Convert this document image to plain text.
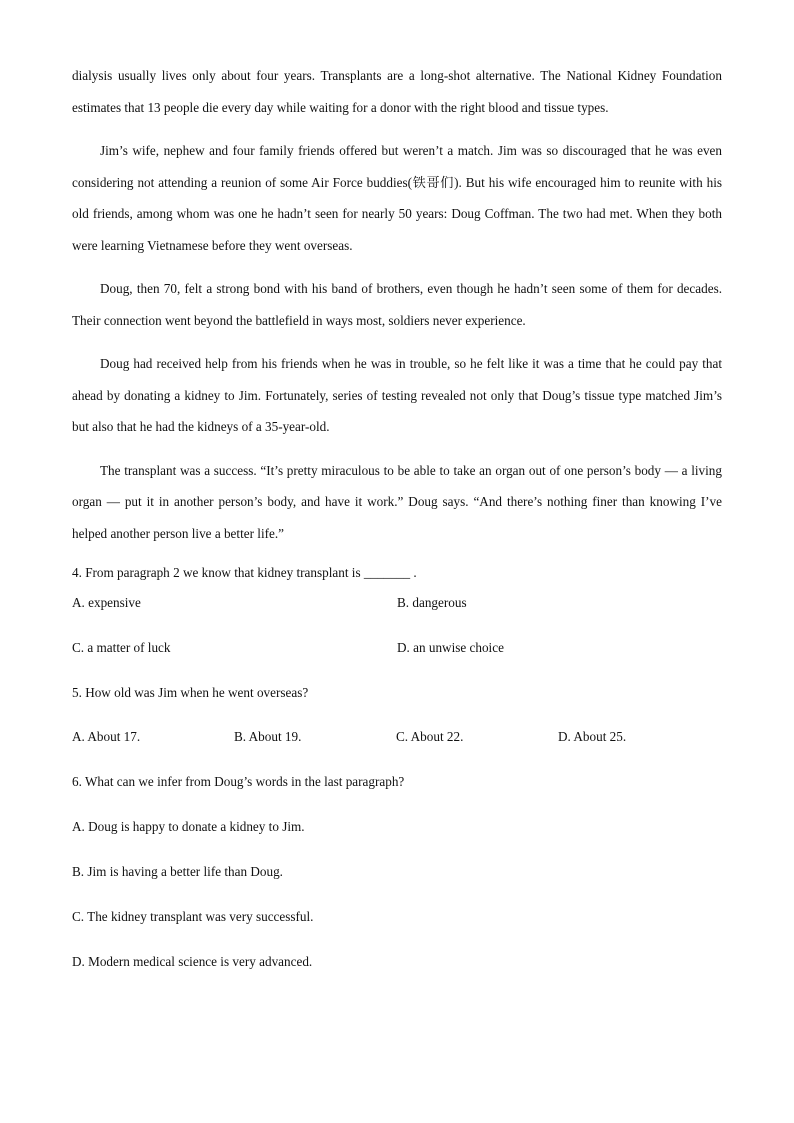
dialysis usually lives only about four years. Transplants are a long-shot alternative. The National Kidney Foundation estimates that 13 people die every day while waiting for a donor with the right blood and tissue types.

Jim’s wife, nephew and four family friends offered but weren’t a match. Jim was so discouraged that he was even considering not attending a reunion of some Air Force buddies(铁哥们). But his wife encouraged him to reunite with his old friends, among whom was one he hadn’t seen for nearly 50 years: Doug Coffman. The two had met. When they both were learning Vietnamese before they went overseas.

Doug, then 70, felt a strong bond with his band of brothers, even though he hadn’t seen some of them for decades. Their connection went beyond the battlefield in ways most, soldiers never experience.

Doug had received help from his friends when he was in trouble, so he felt like it was a time that he could pay that ahead by donating a kidney to Jim. Fortunately, series of testing revealed not only that Doug’s tissue type matched Jim’s but also that he had the kidneys of a 35-year-old.

The transplant was a success. “It’s pretty miraculous to be able to take an organ out of one person’s body — a living organ — put it in another person’s body, and have it work.” Doug says. “And there’s nothing finer than knowing I’ve helped another person live a better life.”

4. From paragraph 2 we know that kidney transplant is _______ .

A. expensive	B. dangerous
C. a matter of luck	D. an unwise choice

5. How old was Jim when he went overseas?

A. About 17.	B. About 19.	C. About 22.	D. About 25.

6. What can we infer from Doug’s words in the last paragraph?

A. Doug is happy to donate a kidney to Jim.

B. Jim is having a better life than Doug.

C. The kidney transplant was very successful.

D. Modern medical science is very advanced.
